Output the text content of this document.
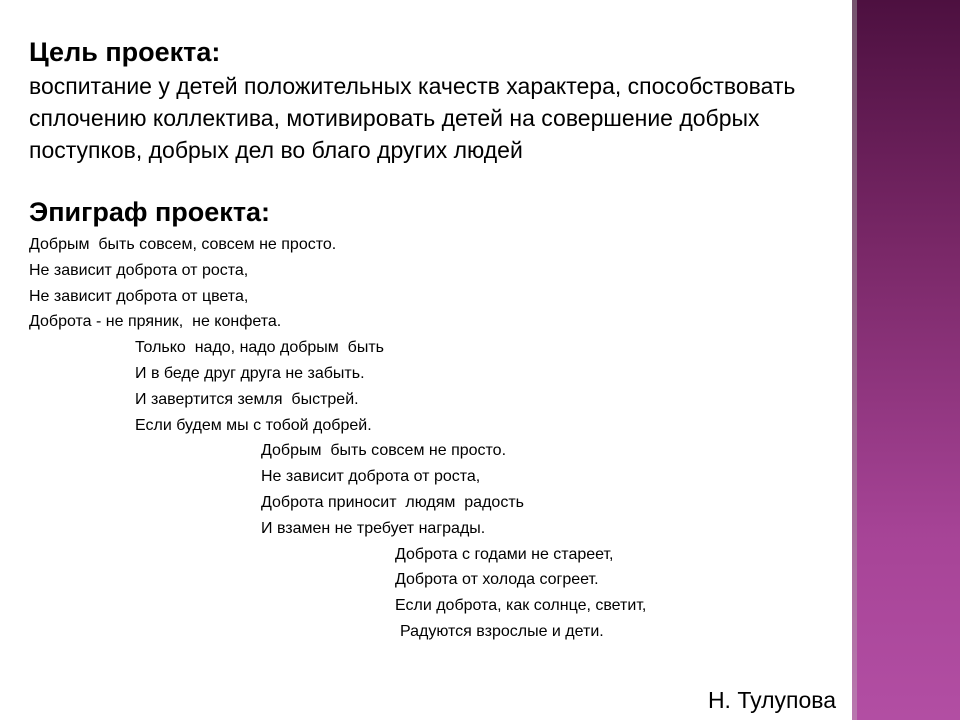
Цель проекта:
воспитание у детей положительных качеств характера, способствовать сплочению коллектива, мотивировать детей на совершение добрых поступков, добрых дел во благо других людей
Эпиграф проекта:
Добрым  быть совсем, совсем не просто.
Не зависит доброта от роста,
Не зависит доброта от цвета,
Доброта - не пряник,  не конфета.
Только  надо, надо добрым  быть
И в беде друг друга не забыть.
И завертится земля  быстрей.
Если будем мы с тобой добрей.
Добрым  быть совсем не просто.
Не зависит доброта от роста,
Доброта приносит  людям  радость
И взамен не требует награды.
Доброта с годами не стареет,
Доброта от холода согреет.
Если доброта, как солнце, светит,
Радуются взрослые и дети.
Н. Тулупова
